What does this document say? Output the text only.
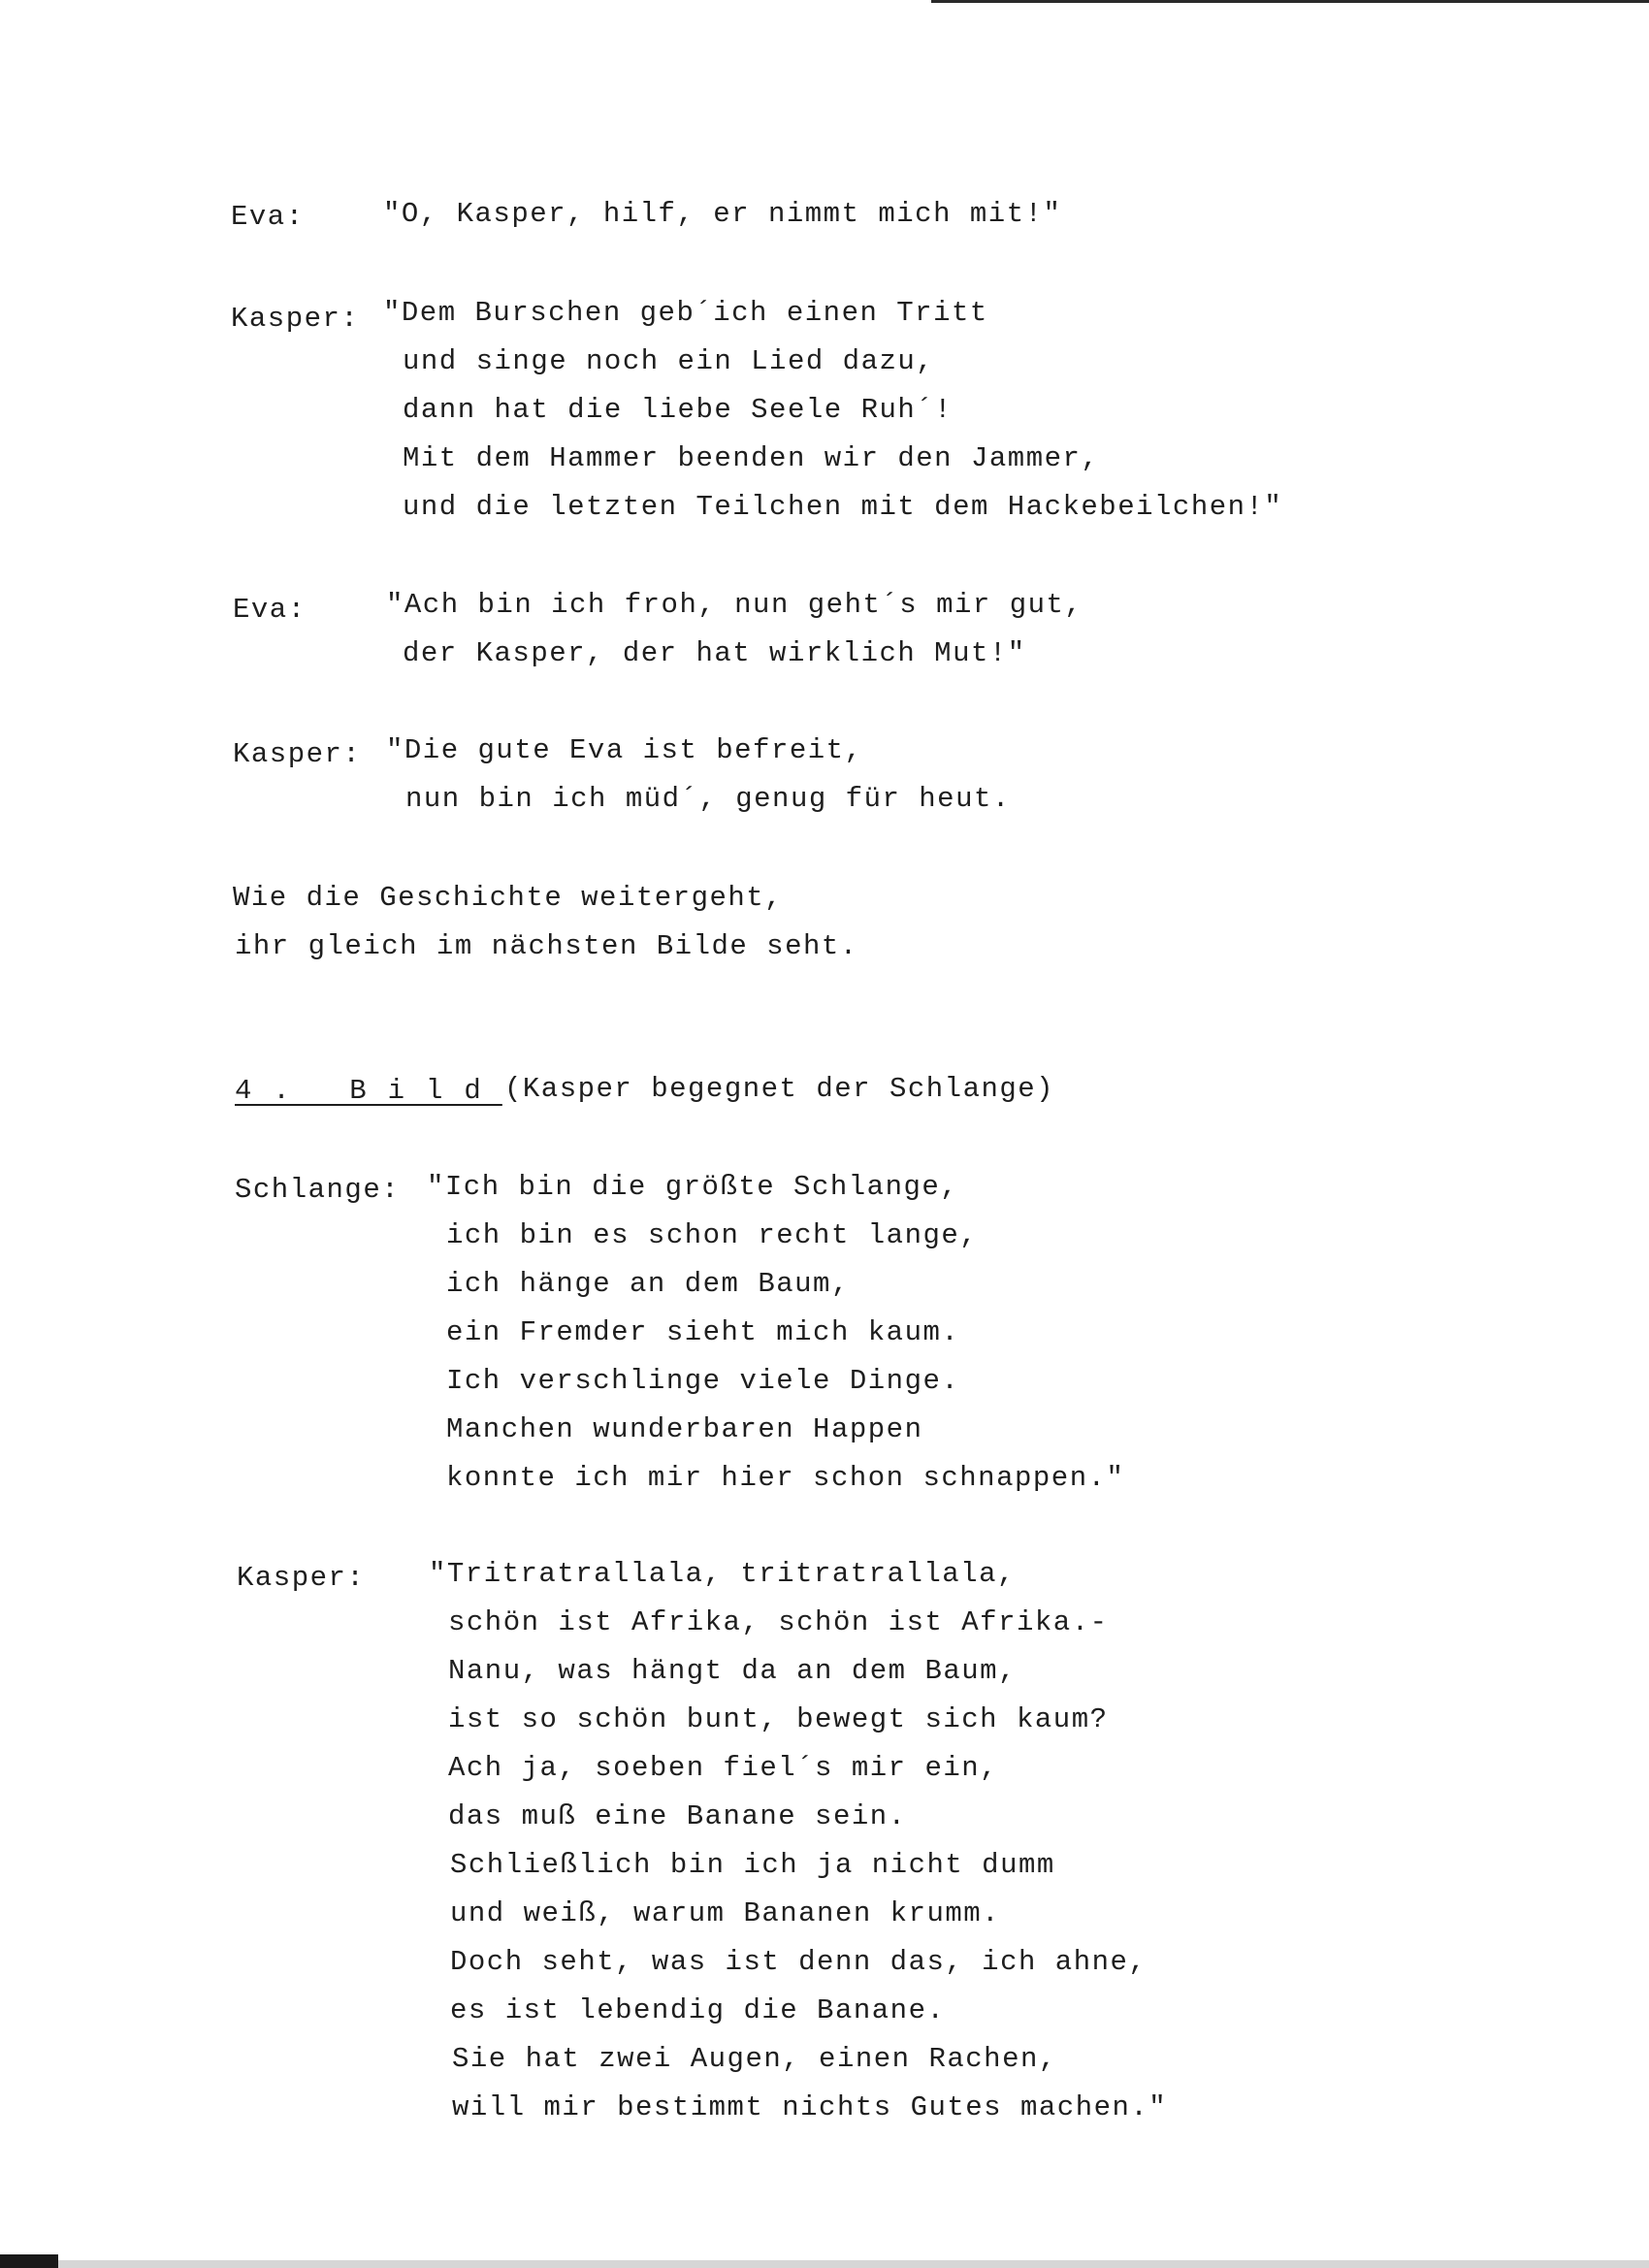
Eva:	"O, Kasper, hilf, er nimmt mich mit!"
Kasper: "Dem Burschen geb´ich einen Tritt
und singe noch ein Lied dazu,
dann hat die liebe Seele Ruh´!
Mit dem Hammer beenden wir den Jammer,
und die letzten Teilchen mit dem Hackebeilchen!"
Eva:	"Ach bin ich froh, nun geht´s mir gut,
der Kasper, der hat wirklich Mut!"
Kasper: "Die gute Eva ist befreit,
nun bin ich müd´, genug für heut.
Wie die Geschichte weitergeht,
ihr gleich im nächsten Bilde seht.
4. Bild (Kasper begegnet der Schlange)
Schlange: "Ich bin die größte Schlange,
ich bin es schon recht lange,
ich hänge an dem Baum,
ein Fremder sieht mich kaum.
Ich verschlinge viele Dinge.
Manchen wunderbaren Happen
konnte ich mir hier schon schnappen."
Kasper: "Tritratrallala, tritratrallala,
schön ist Afrika, schön ist Afrika.-
Nanu, was hängt da an dem Baum,
ist so schön bunt, bewegt sich kaum?
Ach ja, soeben fiel´s mir ein,
das muß eine Banane sein.
Schließlich bin ich ja nicht dumm
und weiß, warum Bananen krumm.
Doch seht, was ist denn das, ich ahne,
es ist lebendig die Banane.
Sie hat zwei Augen, einen Rachen,
will mir bestimmt nichts Gutes machen."
